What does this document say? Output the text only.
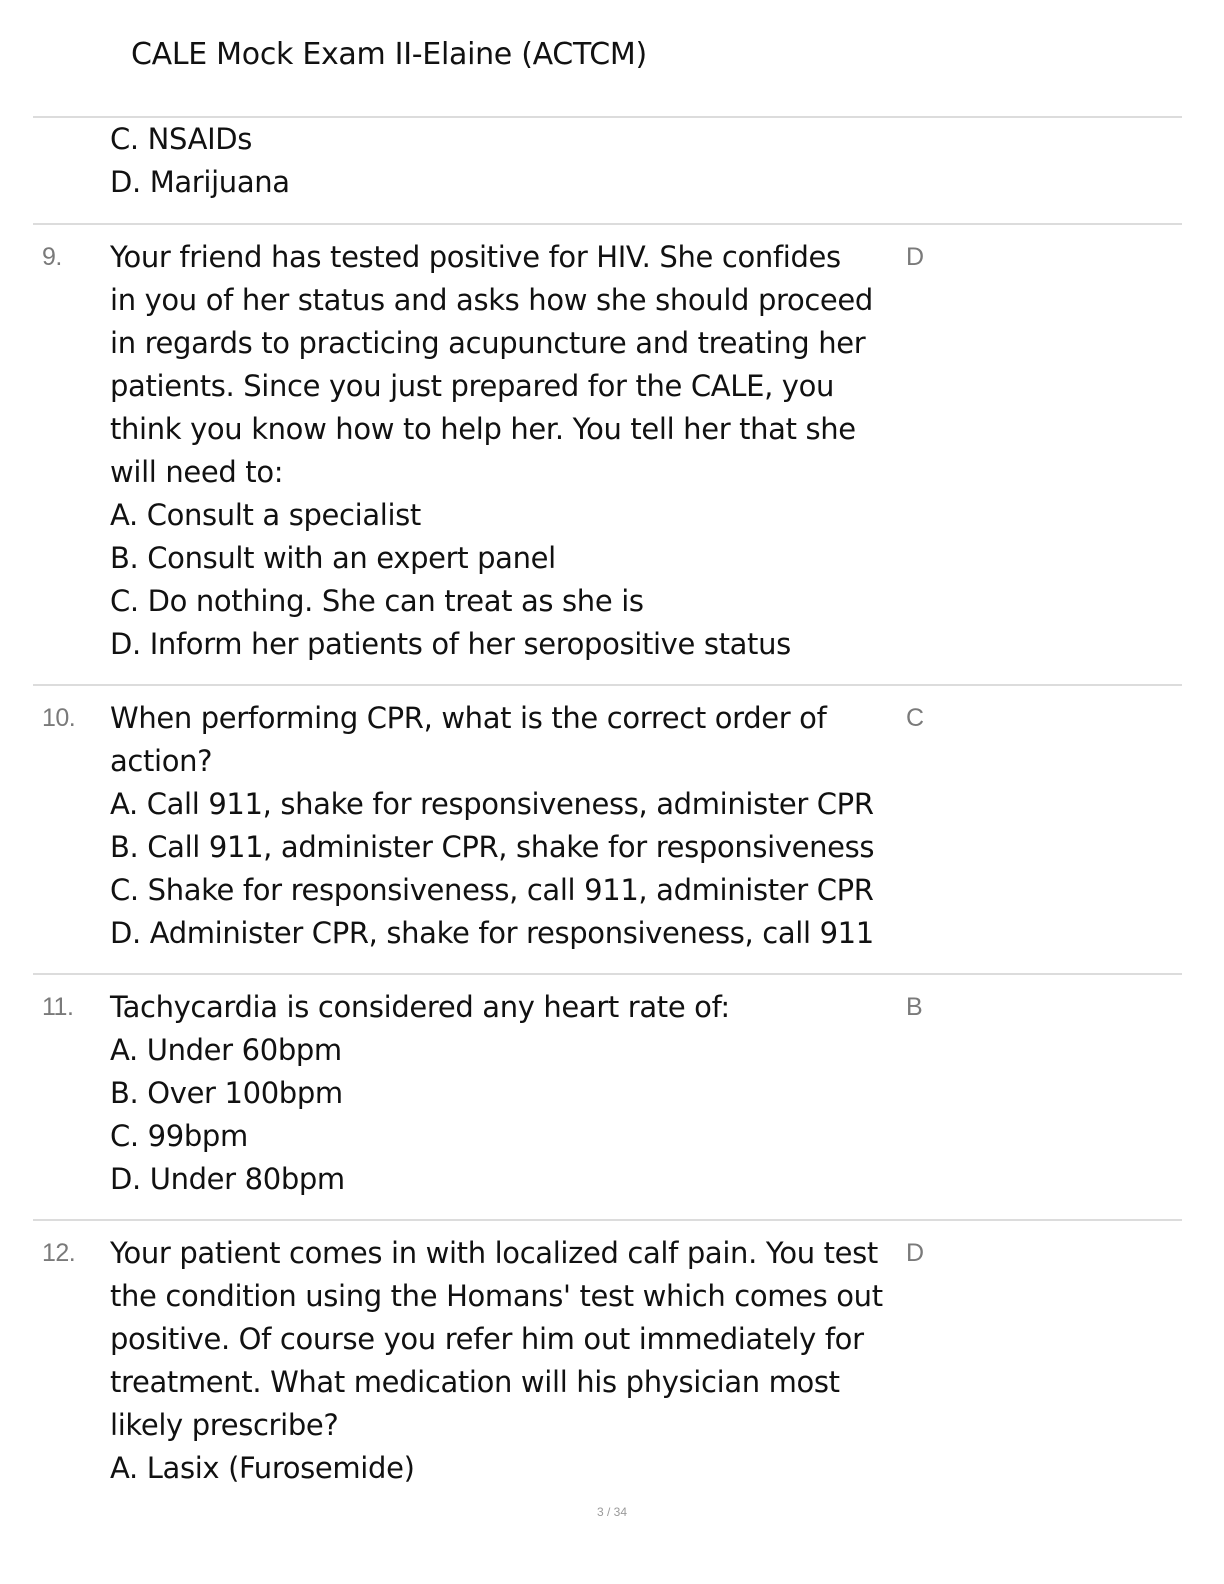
CALE Mock Exam II-Elaine (ACTCM)
C. NSAIDs
D. Marijuana
9.	D
Your friend has tested positive for HIV. She confides
in you of her status and asks how she should proceed
in regards to practicing acupuncture and treating her
patients. Since you just prepared for the CALE, you
think you know how to help her. You tell her that she
will need to:
A. Consult a specialist
B. Consult with an expert panel
C. Do nothing. She can treat as she is
D. Inform her patients of her seropositive status
10.	C
When performing CPR, what is the correct order of
action?
A. Call 911, shake for responsiveness, administer CPR
B. Call 911, administer CPR, shake for responsiveness
C. Shake for responsiveness, call 911, administer CPR
D. Administer CPR, shake for responsiveness, call 911
11.	B
Tachycardia is considered any heart rate of:
A. Under 60bpm
B. Over 100bpm
C. 99bpm
D. Under 80bpm
12.	D
Your patient comes in with localized calf pain. You test
the condition using the Homans' test which comes out
positive. Of course you refer him out immediately for
treatment. What medication will his physician most
likely prescribe?
A. Lasix (Furosemide)
3 / 34
